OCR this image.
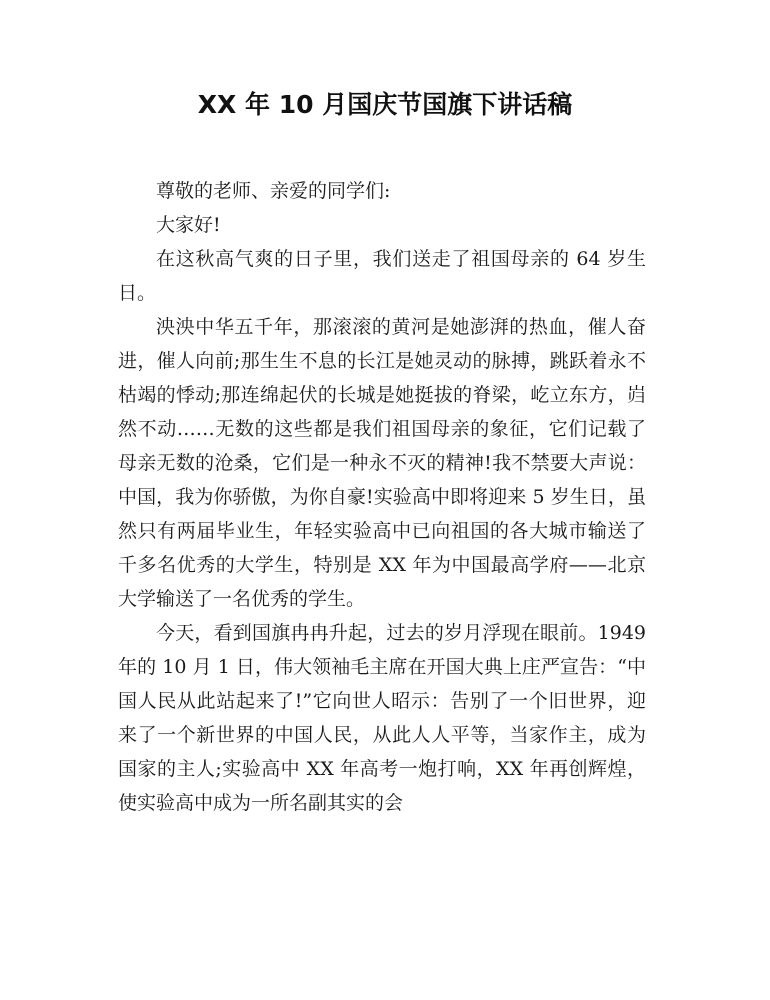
XX 年 10 月国庆节国旗下讲话稿

尊敬的老师、亲爱的同学们:

大家好!

在这秋高气爽的日子里，我们送走了祖国母亲的 64 岁生日。

泱泱中华五千年，那滚滚的黄河是她澎湃的热血，催人奋进，催人向前;那生生不息的长江是她灵动的脉搏，跳跃着永不枯竭的悸动;那连绵起伏的长城是她挺拔的脊梁，屹立东方，岿然不动……无数的这些都是我们祖国母亲的象征，它们记载了母亲无数的沧桑，它们是一种永不灭的精神!我不禁要大声说：中国，我为你骄傲，为你自豪!实验高中即将迎来 5 岁生日，虽然只有两届毕业生，年轻实验高中已向祖国的各大城市输送了千多名优秀的大学生，特别是 XX 年为中国最高学府——北京大学输送了一名优秀的学生。

今天，看到国旗冉冉升起，过去的岁月浮现在眼前。1949 年的 10 月 1 日，伟大领袖毛主席在开国大典上庄严宣告：“中国人民从此站起来了!”它向世人昭示：告别了一个旧世界，迎来了一个新世界的中国人民，从此人人平等，当家作主，成为国家的主人;实验高中 XX 年高考一炮打响，XX 年再创辉煌，使实验高中成为一所名副其实的会
